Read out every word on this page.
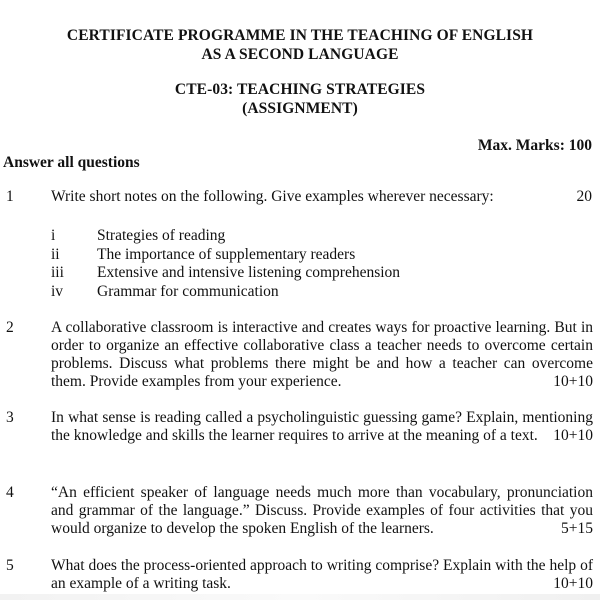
CERTIFICATE PROGRAMME IN THE TEACHING OF ENGLISH
AS A SECOND LANGUAGE
CTE-03: TEACHING STRATEGIES
(ASSIGNMENT)
Max. Marks: 100
Answer all questions
1 Write short notes on the following. Give examples wherever necessary:	20
i	Strategies of reading
ii	The importance of supplementary readers
iii	Extensive and intensive listening comprehension
iv	Grammar for communication
2 A collaborative classroom is interactive and creates ways for proactive learning. But in order to organize an effective collaborative class a teacher needs to overcome certain problems. Discuss what problems there might be and how a teacher can overcome them. Provide examples from your experience.	10+10
3 In what sense is reading called a psycholinguistic guessing game? Explain, mentioning the knowledge and skills the learner requires to arrive at the meaning of a text. 10+10
4 “An efficient speaker of language needs much more than vocabulary, pronunciation and grammar of the language.” Discuss. Provide examples of four activities that you would organize to develop the spoken English of the learners.	5+15
5 What does the process-oriented approach to writing comprise? Explain with the help of an example of a writing task.	10+10
